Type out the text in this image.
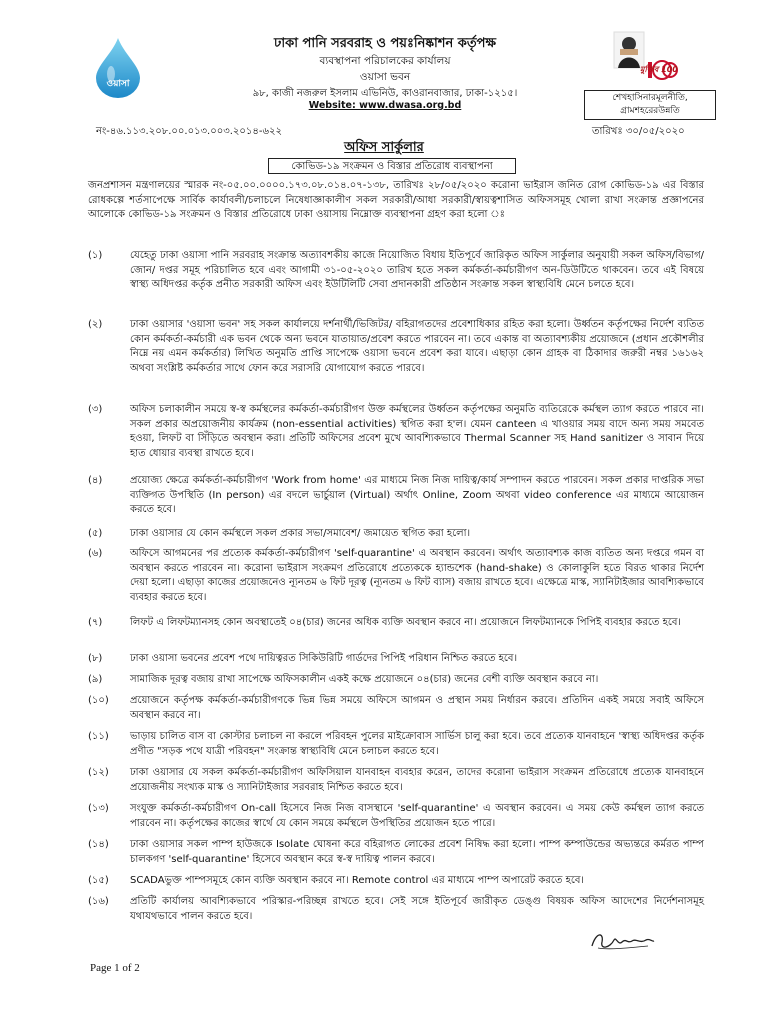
ওয়াসা
ঢাকা পানি সরবরাহ ও পয়ঃনিষ্কাশন কর্তৃপক্ষ
ব্যবস্থাপনা পরিচালকের কার্যালয়
ওয়াসা ভবন
৯৮, কাজী নজরুল ইসলাম এভিনিউ, কাওরানবাজার, ঢাকা-১২১৫।
Website: www.dwasa.org.bd
মুজিব 100
শেখহাসিনারমূলনীতি, গ্রামশহরেরউন্নতি
নং-৪৬.১১৩.২০৮.০০.০১৩.০০৩.২০১৪-৬২২	তারিখঃ ৩০/০৫/২০২০
অফিস সার্কুলার
কোভিড-১৯ সংক্রমন ও বিস্তার প্রতিরোধ ব্যবস্থাপনা
জনপ্রশাসন মন্ত্রণালয়ের স্মারক নং-০৫.০০.০০০০.১৭৩.০৮.০১৪.০৭-১৩৮, তারিখঃ ২৮/০৫/২০২০ করোনা ভাইরাস জনিত রোগ কোভিড-১৯ এর বিস্তার রোধকল্পে শর্তসাপেক্ষে সার্বিক কার্যাবলী/চলাচলে নিষেধাজ্ঞাকালীণ সকল সরকারী/আধা সরকারী/স্বায়ত্বশাসিত অফিসসমূহ খোলা রাখা সংক্রান্ত প্রজ্ঞাপনের আলোকে কোভিড-১৯ সংক্রমন ও বিস্তার প্রতিরোধে ঢাকা ওয়াসায় নিম্নোক্ত ব্যবস্থাপনা গ্রহণ করা হলো ঃ
(১)	যেহেতু ঢাকা ওয়াসা পানি সরবরাহ সংক্রান্ত অত্যাবশকীয় কাজে নিয়োজিত বিধায় ইতিপূর্বে জারিকৃত অফিস সার্কুলার অনুযায়ী সকল অফিস/বিভাগ/জোন/ দপ্তর সমূহ পরিচালিত হবে এবং আগামী ৩১-০৫-২০২০ তারিখ হতে সকল কর্মকর্তা-কর্মচারীগণ অন-ডিউটিতে থাকবেন। তবে এই বিষয়ে স্বাস্থ্য অধিদপ্তর কর্তৃক প্রনীত সরকারী অফিস এবং ইউটিলিটি সেবা প্রদানকারী প্রতিষ্ঠান সংক্রান্ত সকল স্বাস্থ্যবিধি মেনে চলতে হবে।
(২)	ঢাকা ওয়াসার 'ওয়াসা ভবন' সহ সকল কার্যালয়ে দর্শনার্থী/ভিজিটর/ বহিরাগতদের প্রবেশাধিকার রহিত করা হলো। উর্ধ্বতন কর্তৃপক্ষের নির্দেশ ব্যতিত কোন কর্মকর্তা-কর্মচারী এক ভবন থেকে অন্য ভবনে যাতায়াত/প্রবেশ করতে পারবেন না। তবে একান্ত বা অত্যাবশ্যকীয় প্রয়োজনে (প্রধান প্রকৌশলীর নিম্নে নয় এমন কর্মকর্তার) লিখিত অনুমতি প্রাপ্তি সাপেক্ষে ওয়াসা ভবনে প্রবেশ করা যাবে। এছাড়া কোন গ্রাহক বা ঠিকাদার জরুরী নম্বর ১৬১৬২ অথবা সংশ্লিষ্ট কর্মকর্তার সাথে ফোন করে সরাসরি যোগাযোগ করতে পারবে।
(৩)	অফিস চলাকালীন সময়ে স্ব-স্ব কর্মস্থলের কর্মকর্তা-কর্মচারীগণ উক্ত কর্মস্থলের উর্ধ্বতন কর্তৃপক্ষের অনুমতি ব্যতিরেকে কর্মস্থল ত্যাগ করতে পারবে না। সকল প্রকার অপ্রয়োজনীয় কার্যক্রম (non-essential activities) স্থগিত করা হ'ল। যেমন canteen এ খাওয়ার সময় বাদে অন্য সময় সমবেত হওয়া, লিফট বা সিঁড়িতে অবস্থান করা। প্রতিটি অফিসের প্রবেশ মুখে আবশ্যিকভাবে Thermal Scanner সহ Hand sanitizer ও সাবান দিয়ে হাত ধোয়ার ব্যবস্থা রাখতে হবে।
(৪)	প্রয়োজ্য ক্ষেত্রে কর্মকর্তা-কর্মচারীগণ 'Work from home' এর মাধ্যমে নিজ নিজ দায়িত্ব/কার্য সম্পাদন করতে পারবেন। সকল প্রকার দাপ্তরিক সভা ব্যক্তিগত উপস্থিতি (In person) এর বদলে ভার্চুয়াল (Virtual) অর্থাৎ Online, Zoom অথবা video conference এর মাধ্যমে আয়োজন করতে হবে।
(৫)	ঢাকা ওয়াসার যে কোন কর্মস্থলে সকল প্রকার সভা/সমাবেশ/ জমায়েত স্থগিত করা হলো।
(৬)	অফিসে আগমনের পর প্রত্যেক কর্মকর্তা-কর্মচারীগণ 'self-quarantine' এ অবস্থান করবেন। অর্থাৎ অত্যাবশ্যক কাজ ব্যতিত অন্য দপ্তরে গমন বা অবস্থান করতে পারবেন না। করোনা ভাইরাস সংক্রমণ প্রতিরোধে প্রত্যেককে হ্যান্ডশেক (hand-shake) ও কোলাকুলি হতে বিরত থাকার নির্দেশ দেয়া হলো। এছাড়া কাজের প্রয়োজনেও ন্যূনতম ৬ ফিট দূরত্ব (ন্যূনতম ৬ ফিট ব্যাস) বজায় রাখতে হবে। এক্ষেত্রে মাস্ক, স্যানিটাইজার আবশ্যিকভাবে ব্যবহার করতে হবে।
(৭)	লিফট এ লিফটম্যানসহ কোন অবস্থাতেই ০৪(চার) জনের অধিক ব্যক্তি অবস্থান করবে না। প্রয়োজনে লিফটম্যানকে পিপিই ব্যবহার করতে হবে।
(৮)	ঢাকা ওয়াসা ভবনের প্রবেশ পথে দায়িত্বরত সিকিউরিটি গার্ডদের পিপিই পরিধান নিশ্চিত করতে হবে।
(৯)	সামাজিক দূরত্ব বজায় রাখা সাপেক্ষে অফিসকালীন একই কক্ষে প্রয়োজনে ০৪(চার) জনের বেশী ব্যক্তি অবস্থান করবে না।
(১০)	প্রয়োজনে কর্তৃপক্ষ কর্মকর্তা-কর্মচারীগণকে ভিন্ন ভিন্ন সময়ে অফিসে আগমন ও প্রস্থান সময় নির্ধারন করবে। প্রতিদিন একই সময়ে সবাই অফিসে অবস্থান করবে না।
(১১)	ভাড়ায় চালিত বাস বা কোস্টার চলাচল না করলে পরিবহন পুলের মাইক্রোবাস সার্ভিস চালু করা হবে। তবে প্রত্যেক যানবাহনে 'স্বাস্থ্য অধিদপ্তর কর্তৃক প্রণীত "সড়ক পথে যাত্রী পরিবহন" সংক্রান্ত স্বাস্থ্যবিধি মেনে চলাচল করতে হবে।
(১২)	ঢাকা ওয়াসার যে সকল কর্মকর্তা-কর্মচারীগণ অফিসিয়াল যানবাহন ব্যবহার করেন, তাদের করোনা ভাইরাস সংক্রমন প্রতিরোধে প্রত্যেক যানবাহনে প্রয়োজনীয় সংখ্যক মাস্ক ও স্যানিটাইজার সরবরাহ নিশ্চিত করতে হবে।
(১৩)	সংযুক্ত কর্মকর্তা-কর্মচারীগণ On-call হিসেবে নিজ নিজ বাসস্থানে 'self-quarantine' এ অবস্থান করবেন। এ সময় কেউ কর্মস্থল ত্যাগ করতে পারবেন না। কর্তৃপক্ষের কাজের স্বার্থে যে কোন সময়ে কর্মস্থলে উপস্থিতির প্রয়োজন হতে পারে।
(১৪)	ঢাকা ওয়াসার সকল পাম্প হাউজকে Isolate ঘোষনা করে বহিরাগত লোকের প্রবেশ নিষিদ্ধ করা হলো। পাম্প কম্পাউন্ডের অভ্যন্তরে কর্মরত পাম্প চালকগণ 'self-quarantine' হিসেবে অবস্থান করে স্ব-স্ব দায়িত্ব পালন করবে।
(১৫)	SCADAভুক্ত পাম্পসমূহে কোন ব্যক্তি অবস্থান করবে না। Remote control এর মাধ্যমে পাম্প অপারেট করতে হবে।
(১৬)	প্রতিটি কার্যালয় আবশ্যিকভাবে পরিস্কার-পরিচ্ছন্ন রাখতে হবে। সেই সঙ্গে ইতিপূর্বে জারীকৃত ডেঙ্গু বিষয়ক অফিস আদেশের নির্দেশনাসমূহ যথাযথভাবে পালন করতে হবে।
Page 1 of 2
